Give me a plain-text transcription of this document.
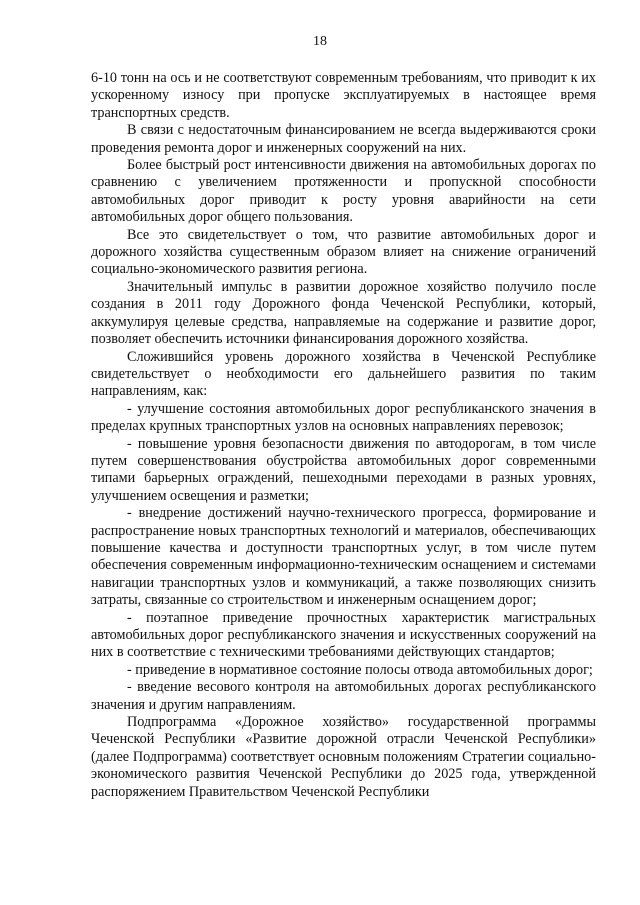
18

6-10 тонн на ось и не соответствуют современным требованиям, что приводит к их ускоренному износу при пропуске эксплуатируемых в настоящее время транспортных средств.

В связи с недостаточным финансированием не всегда выдерживаются сроки проведения ремонта дорог и инженерных сооружений на них.

Более быстрый рост интенсивности движения на автомобильных дорогах по сравнению с увеличением протяженности и пропускной способности автомобильных дорог приводит к росту уровня аварийности на сети автомобильных дорог общего пользования.

Все это свидетельствует о том, что развитие автомобильных дорог и дорожного хозяйства существенным образом влияет на снижение ограничений социально-экономического развития региона.

Значительный импульс в развитии дорожное хозяйство получило после создания в 2011 году Дорожного фонда Чеченской Республики, который, аккумулируя целевые средства, направляемые на содержание и развитие дорог, позволяет обеспечить источники финансирования дорожного хозяйства.

Сложившийся уровень дорожного хозяйства в Чеченской Республике свидетельствует о необходимости его дальнейшего развития по таким направлениям, как:

- улучшение состояния автомобильных дорог республиканского значения в пределах крупных транспортных узлов на основных направлениях перевозок;

- повышение уровня безопасности движения по автодорогам, в том числе путем совершенствования обустройства автомобильных дорог современными типами барьерных ограждений, пешеходными переходами в разных уровнях, улучшением освещения и разметки;

- внедрение достижений научно-технического прогресса, формирование и распространение новых транспортных технологий и материалов, обеспечивающих повышение качества и доступности транспортных услуг, в том числе путем обеспечения современным информационно-техническим оснащением и системами навигации транспортных узлов и коммуникаций, а также позволяющих снизить затраты, связанные со строительством и инженерным оснащением дорог;

- поэтапное приведение прочностных характеристик магистральных автомобильных дорог республиканского значения и искусственных сооружений на них в соответствие с техническими требованиями действующих стандартов;

- приведение в нормативное состояние полосы отвода автомобильных дорог;

- введение весового контроля на автомобильных дорогах республиканского значения и другим направлениям.

Подпрограмма «Дорожное хозяйство» государственной программы Чеченской Республики «Развитие дорожной отрасли Чеченской Республики» (далее Подпрограмма) соответствует основным положениям Стратегии социально-экономического развития Чеченской Республики до 2025 года, утвержденной распоряжением Правительством Чеченской Республики
